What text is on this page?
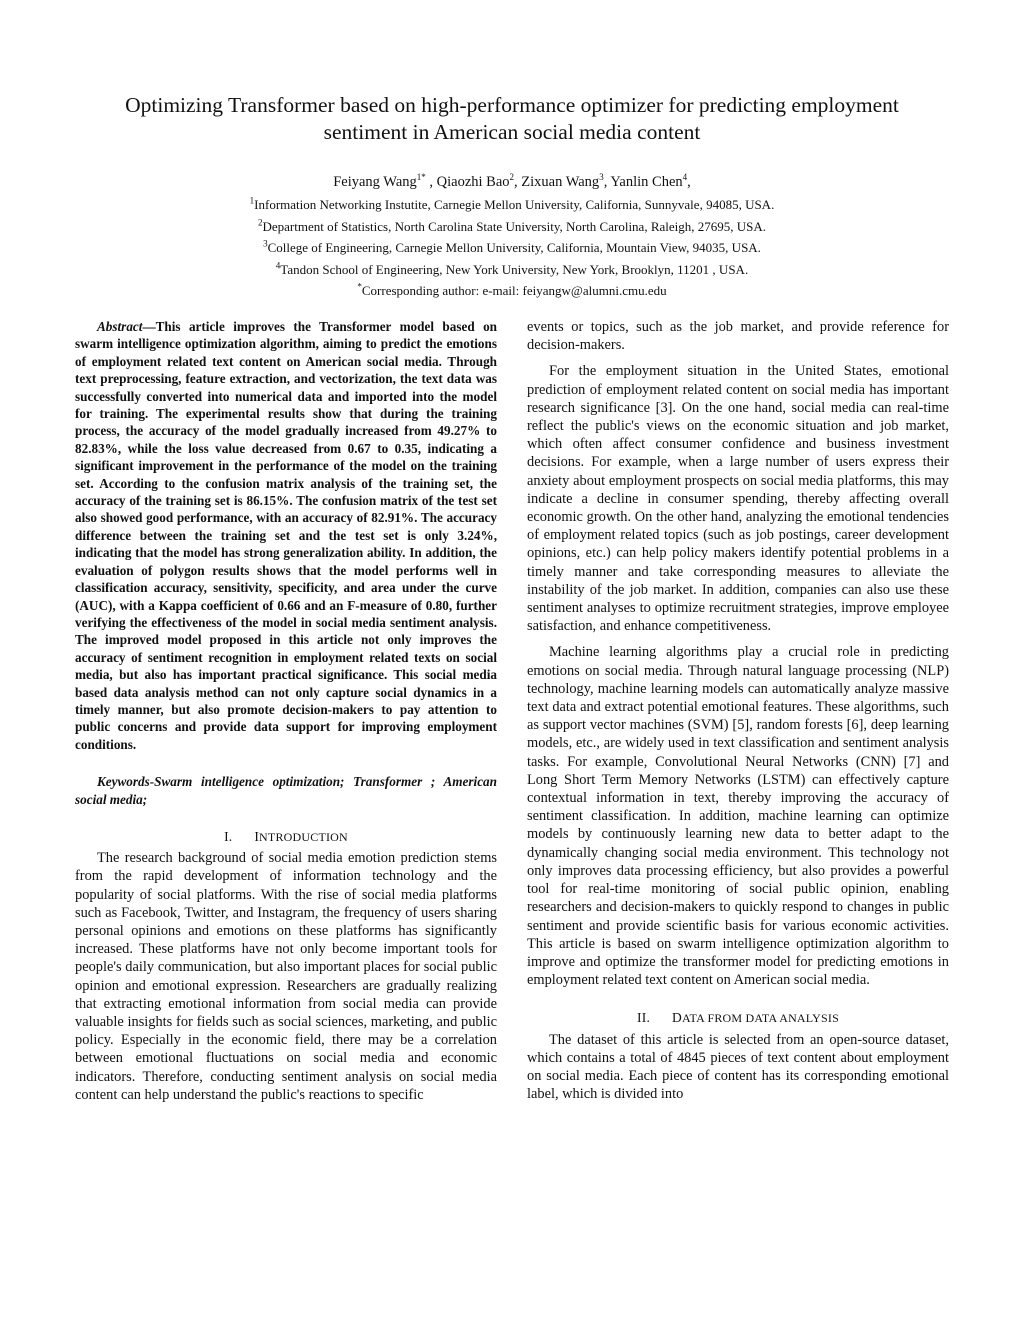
Optimizing Transformer based on high-performance optimizer for predicting employment
sentiment in American social media content
Feiyang Wang$^{1*}$ , Qiaozhi Bao$^2$, Zixuan Wang$^3$, Yanlin Chen$^4$,
$^1$Information Networking Instutite, Carnegie Mellon University, California, Sunnyvale, 94085, USA.
$^2$Department of Statistics, North Carolina State University, North Carolina, Raleigh, 27695, USA.
$^3$College of Engineering, Carnegie Mellon University, California, Mountain View, 94035, USA.
$^4$Tandon School of Engineering, New York University, New York, Brooklyn, 11201 , USA.
*Corresponding author: e-mail: feiyangw@alumni.cmu.edu

Abstract—This article improves the Transformer model based on swarm intelligence optimization algorithm, aiming to predict the emotions of employment related text content on American social media. Through text preprocessing, feature extraction, and vectorization, the text data was successfully converted into numerical data and imported into the model for training. The experimental results show that during the training process, the accuracy of the model gradually increased from 49.27% to 82.83%, while the loss value decreased from 0.67 to 0.35, indicating a significant improvement in the performance of the model on the training set. According to the confusion matrix analysis of the training set, the accuracy of the training set is 86.15%. The confusion matrix of the test set also showed good performance, with an accuracy of 82.91%. The accuracy difference between the training set and the test set is only 3.24%, indicating that the model has strong generalization ability. In addition, the evaluation of polygon results shows that the model performs well in classification accuracy, sensitivity, specificity, and area under the curve (AUC), with a Kappa coefficient of 0.66 and an F-measure of 0.80, further verifying the effectiveness of the model in social media sentiment analysis. The improved model proposed in this article not only improves the accuracy of sentiment recognition in employment related texts on social media, but also has important practical significance. This social media based data analysis method can not only capture social dynamics in a timely manner, but also promote decision-makers to pay attention to public concerns and provide data support for improving employment conditions.

Keywords-Swarm intelligence optimization; Transformer ; American social media;

I. INTRODUCTION

The research background of social media emotion prediction stems from the rapid development of information technology and the popularity of social platforms. With the rise of social media platforms such as Facebook, Twitter, and Instagram, the frequency of users sharing personal opinions and emotions on these platforms has significantly increased. These platforms have not only become important tools for people's daily communication, but also important places for social public opinion and emotional expression. Researchers are gradually realizing that extracting emotional information from social media can provide valuable insights for fields such as social sciences, marketing, and public policy. Especially in the economic field, there may be a correlation between emotional fluctuations on social media and economic indicators. Therefore, conducting sentiment analysis on social media content can help understand the public's reactions to specific

events or topics, such as the job market, and provide reference for decision-makers.

For the employment situation in the United States, emotional prediction of employment related content on social media has important research significance [3]. On the one hand, social media can real-time reflect the public's views on the economic situation and job market, which often affect consumer confidence and business investment decisions. For example, when a large number of users express their anxiety about employment prospects on social media platforms, this may indicate a decline in consumer spending, thereby affecting overall economic growth. On the other hand, analyzing the emotional tendencies of employment related topics (such as job postings, career development opinions, etc.) can help policy makers identify potential problems in a timely manner and take corresponding measures to alleviate the instability of the job market. In addition, companies can also use these sentiment analyses to optimize recruitment strategies, improve employee satisfaction, and enhance competitiveness.

Machine learning algorithms play a crucial role in predicting emotions on social media. Through natural language processing (NLP) technology, machine learning models can automatically analyze massive text data and extract potential emotional features. These algorithms, such as support vector machines (SVM) [5], random forests [6], deep learning models, etc., are widely used in text classification and sentiment analysis tasks. For example, Convolutional Neural Networks (CNN) [7] and Long Short Term Memory Networks (LSTM) can effectively capture contextual information in text, thereby improving the accuracy of sentiment classification. In addition, machine learning can optimize models by continuously learning new data to better adapt to the dynamically changing social media environment. This technology not only improves data processing efficiency, but also provides a powerful tool for real-time monitoring of social public opinion, enabling researchers and decision-makers to quickly respond to changes in public sentiment and provide scientific basis for various economic activities. This article is based on swarm intelligence optimization algorithm to improve and optimize the transformer model for predicting emotions in employment related text content on American social media.

II. DATA FROM DATA ANALYSIS

The dataset of this article is selected from an open-source dataset, which contains a total of 4845 pieces of text content about employment on social media. Each piece of content has its corresponding emotional label, which is divided into
